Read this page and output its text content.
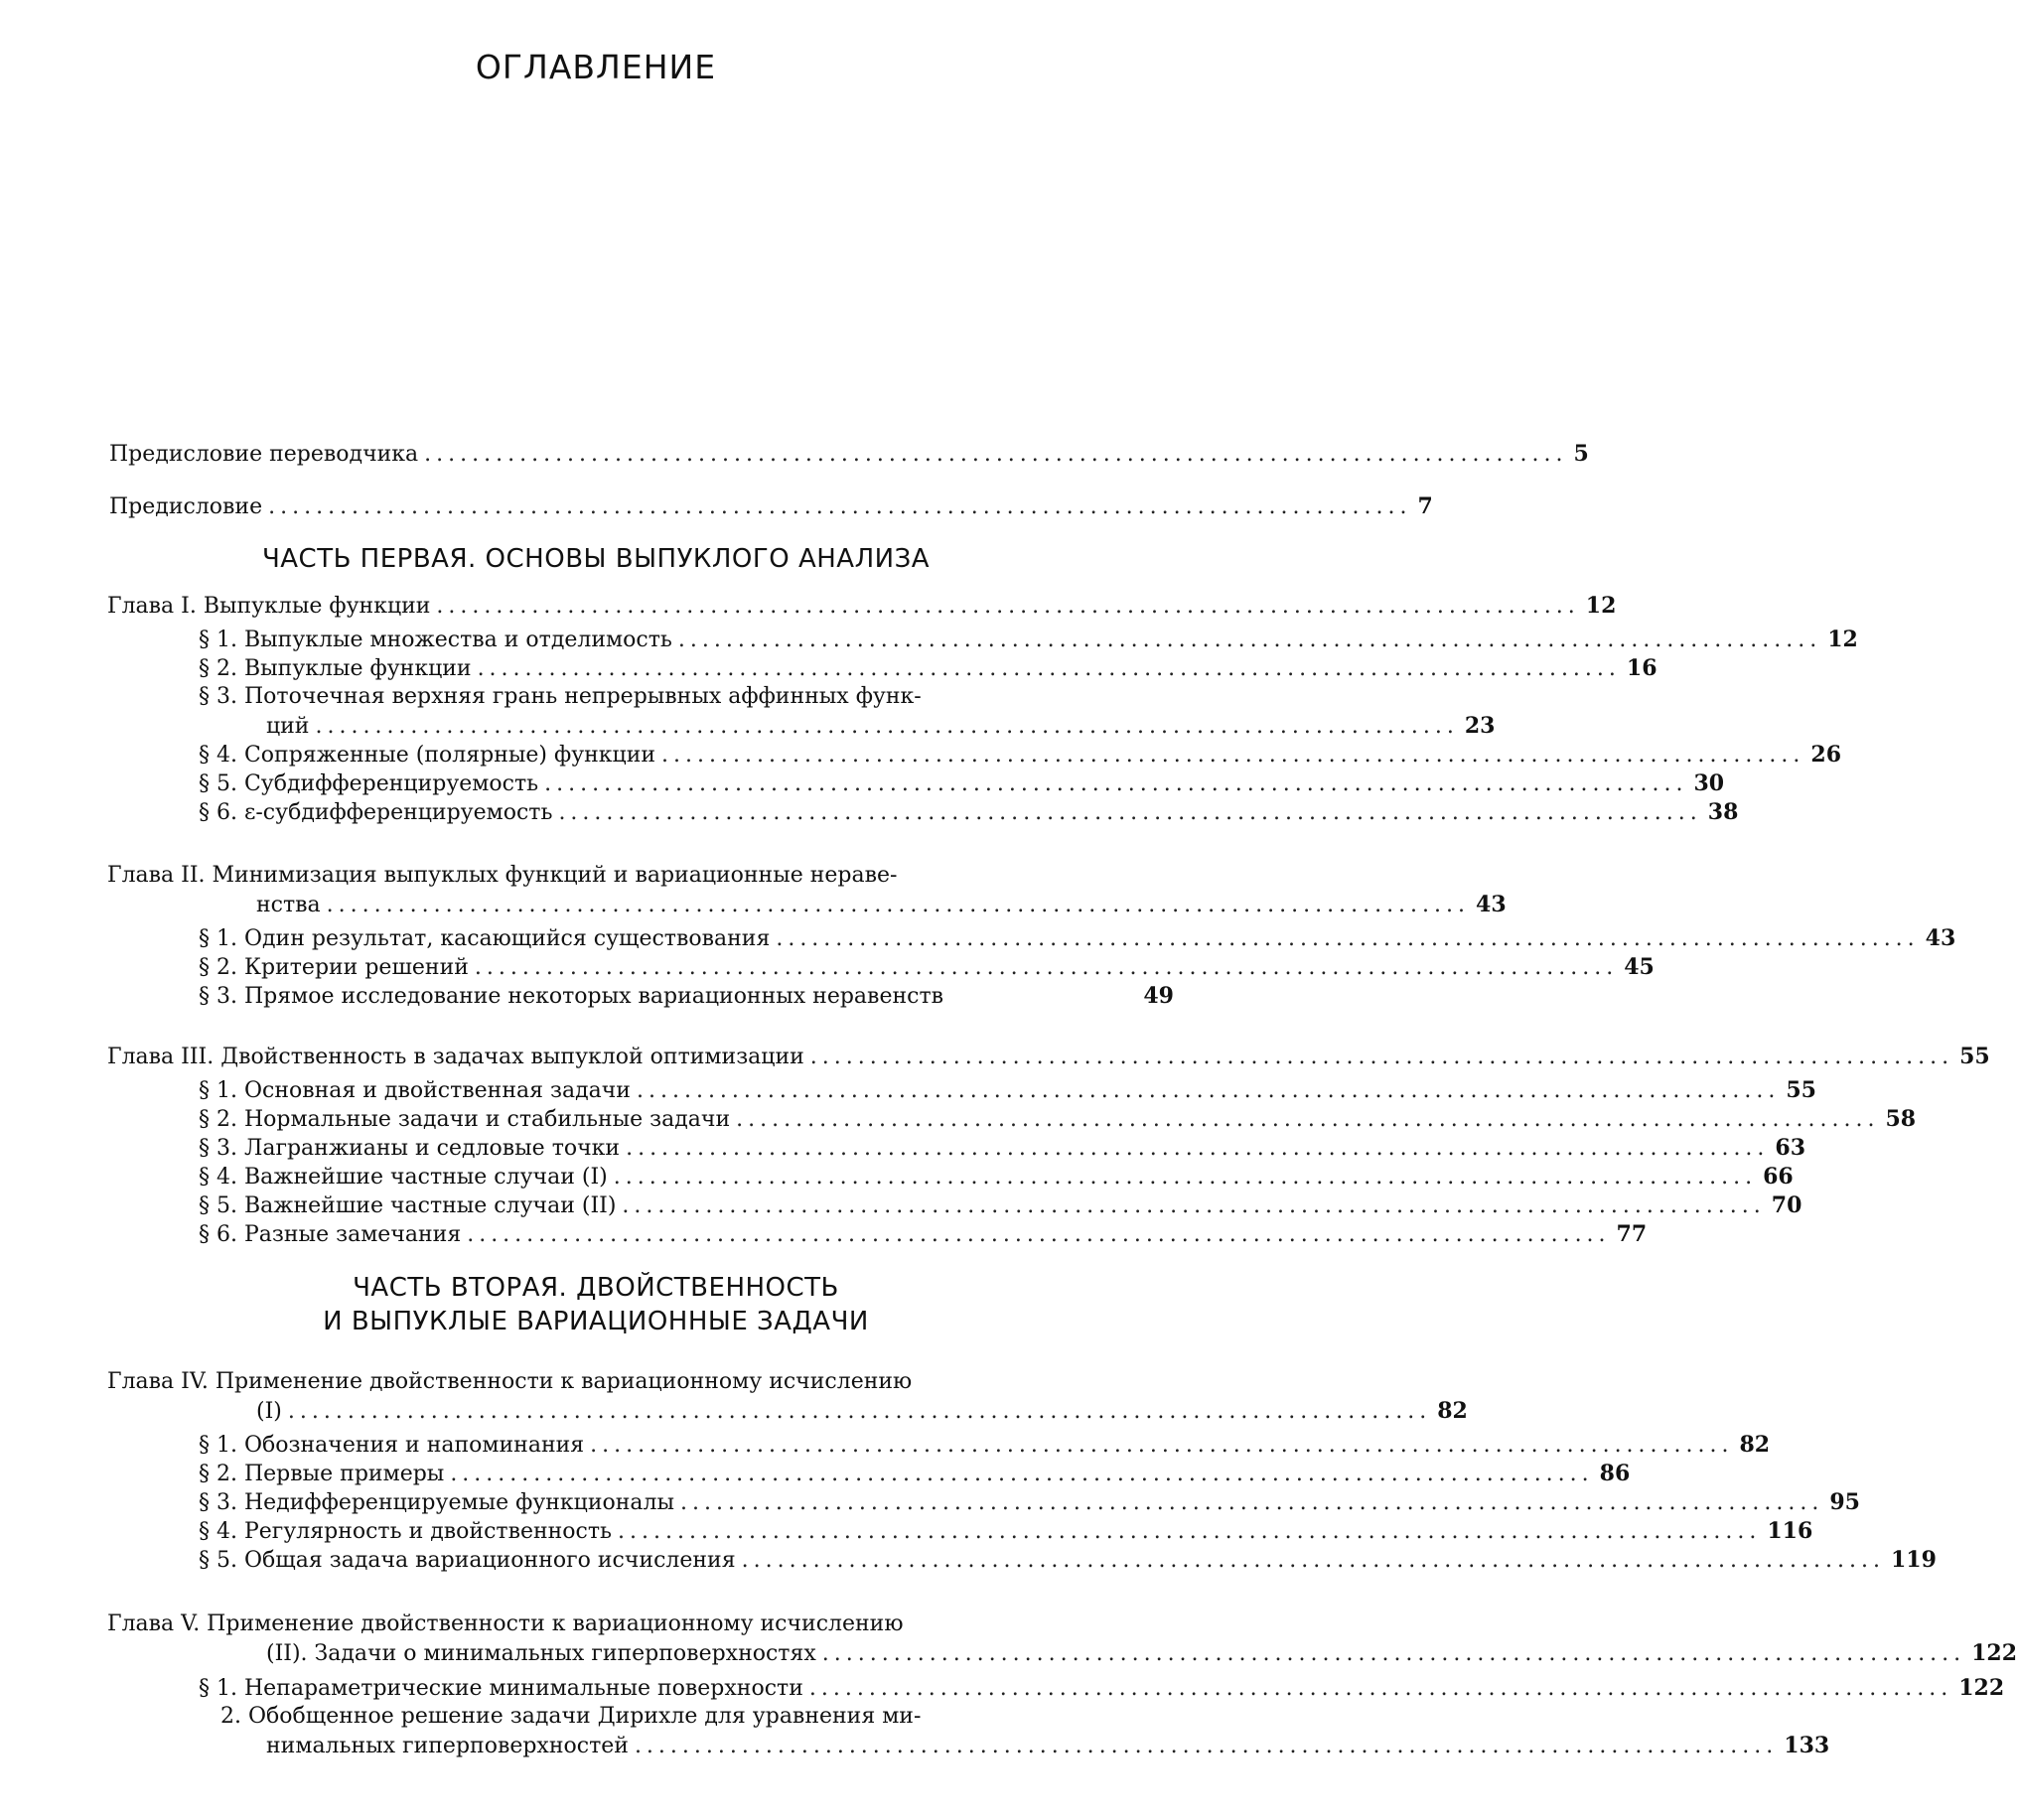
ОГЛАВЛЕНИЕ
Предисловие переводчика ................................................................................................ 5
Предисловие ................................................................................................ 7
ЧАСТЬ ПЕРВАЯ. ОСНОВЫ ВЫПУКЛОГО АНАЛИЗА
Глава I. Выпуклые функции ................................................................................................ 12
§ 1. Выпуклые множества и отделимость ................................................................................................ 12
§ 2. Выпуклые функции ................................................................................................ 16
§ 3. Поточечная верхняя грань непрерывных аффинных функ-
ций ................................................................................................ 23
§ 4. Сопряженные (полярные) функции ................................................................................................ 26
§ 5. Субдифференцируемость ................................................................................................ 30
§ 6. ε-субдифференцируемость ................................................................................................ 38
Глава II. Минимизация выпуклых функций и вариационные нераве-
нства ................................................................................................ 43
§ 1. Один результат, касающийся существования ................................................................................................ 43
§ 2. Критерии решений ................................................................................................ 45
§ 3. Прямое исследование некоторых вариационных неравенств	49
Глава III. Двойственность в задачах выпуклой оптимизации ................................................................................................ 55
§ 1. Основная и двойственная задачи ................................................................................................ 55
§ 2. Нормальные задачи и стабильные задачи ................................................................................................ 58
§ 3. Лагранжианы и седловые точки ................................................................................................ 63
§ 4. Важнейшие частные случаи (I) ................................................................................................ 66
§ 5. Важнейшие частные случаи (II) ................................................................................................ 70
§ 6. Разные замечания ................................................................................................ 77
ЧАСТЬ ВТОРАЯ. ДВОЙСТВЕННОСТЬ
И ВЫПУКЛЫЕ ВАРИАЦИОННЫЕ ЗАДАЧИ
Глава IV. Применение двойственности к вариационному исчислению
(I) ................................................................................................ 82
§ 1. Обозначения и напоминания ................................................................................................ 82
§ 2. Первые примеры ................................................................................................ 86
§ 3. Недифференцируемые функционалы ................................................................................................ 95
§ 4. Регулярность и двойственность ................................................................................................ 116
§ 5. Общая задача вариационного исчисления ................................................................................................ 119
Глава V. Применение двойственности к вариационному исчислению
(II). Задачи о минимальных гиперповерхностях ................................................................................................ 122
§ 1. Непараметрические минимальные поверхности ................................................................................................ 122
2. Обобщенное решение задачи Дирихле для уравнения ми-
нимальных гиперповерхностей ................................................................................................ 133
